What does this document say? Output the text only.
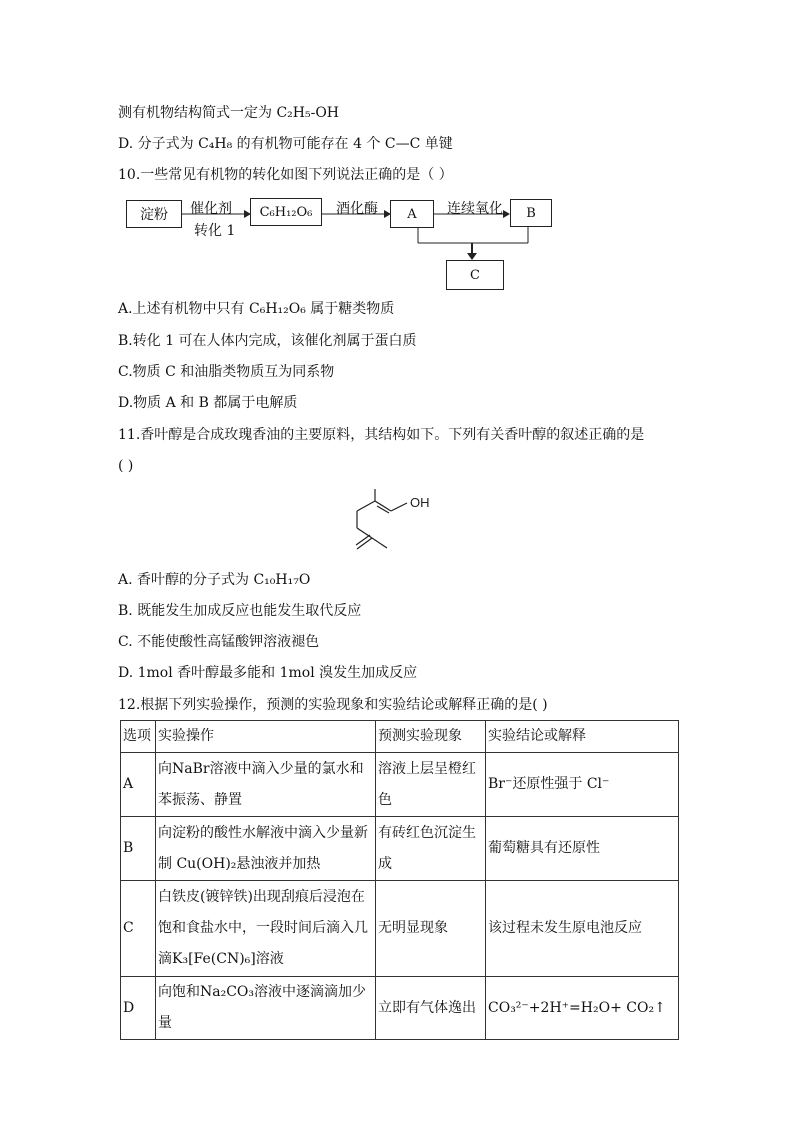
测有机物结构简式一定为 C₂H₅-OH
D. 分子式为 C₄H₈ 的有机物可能存在 4 个 C—C 单键
10.一些常见有机物的转化如图下列说法正确的是（ ）
淀粉	C₆H₁₂O₆	A	B
C
催化剂
转化 1
酒化酶	连续氧化
A.上述有机物中只有 C₆H₁₂O₆ 属于糖类物质
B.转化 1 可在人体内完成，该催化剂属于蛋白质
C.物质 C 和油脂类物质互为同系物
D.物质 A 和 B 都属于电解质
11.香叶醇是合成玫瑰香油的主要原料，其结构如下。下列有关香叶醇的叙述正确的是
( )
OH
A. 香叶醇的分子式为 C₁₀H₁₇O
B. 既能发生加成反应也能发生取代反应
C. 不能使酸性高锰酸钾溶液褪色
D. 1mol 香叶醇最多能和 1mol 溴发生加成反应
12.根据下列实验操作，预测的实验现象和实验结论或解释正确的是( )
选项	实验操作	预测实验现象	实验结论或解释
A	向NaBr溶液中滴入少量的氯水和苯振荡、静置	溶液上层呈橙红色	Br⁻还原性强于 Cl⁻
B	向淀粉的酸性水解液中滴入少量新制 Cu(OH)₂悬浊液并加热	有砖红色沉淀生成	葡萄糖具有还原性
C	白铁皮(镀锌铁)出现刮痕后浸泡在饱和食盐水中，一段时间后滴入几滴K₃[Fe(CN)₆]溶液	无明显现象	该过程未发生原电池反应
D	向饱和Na₂CO₃溶液中逐滴滴加少量	立即有气体逸出	CO₃²⁻+2H⁺=H₂O+ CO₂↑
